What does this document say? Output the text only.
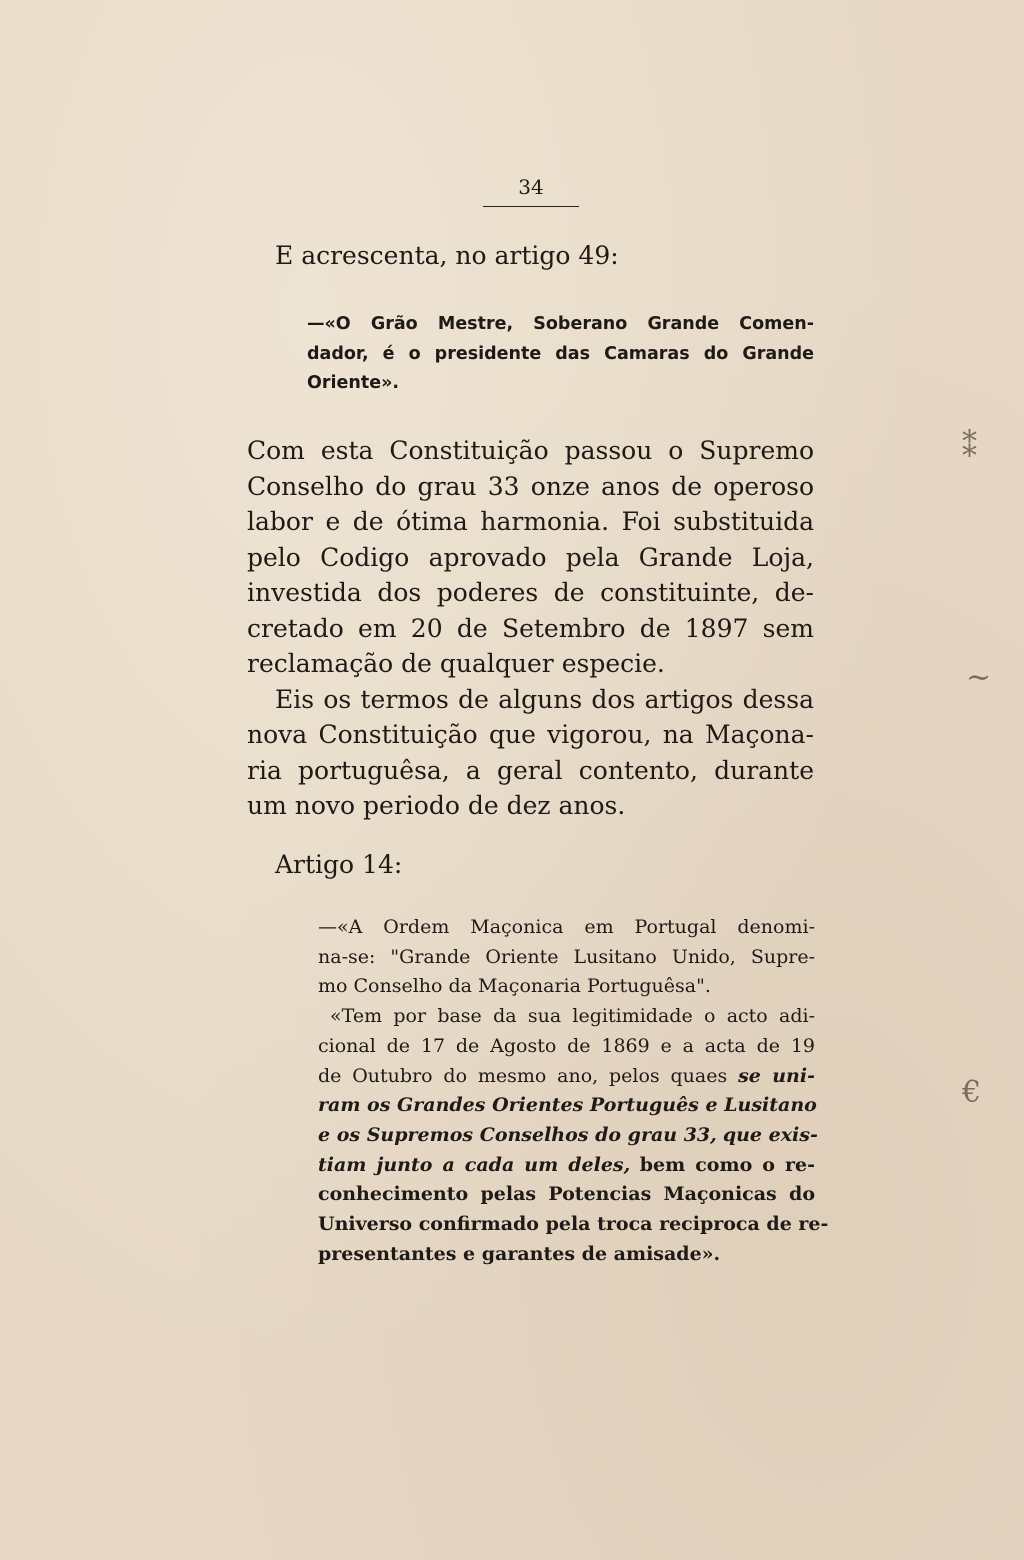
34
E acrescenta, no artigo 49:
—«O Grão Mestre, Soberano Grande Comen-
dador, é o presidente das Camaras do Grande
Oriente».
Com esta Constituição passou o Supremo
Conselho do grau 33 onze anos de operoso
labor e de ótima harmonia. Foi substituida
pelo Codigo aprovado pela Grande Loja,
investida dos poderes de constituinte, de-
cretado em 20 de Setembro de 1897 sem
reclamação de qualquer especie.
Eis os termos de alguns dos artigos dessa
nova Constituição que vigorou, na Maçona-
ria portuguêsa, a geral contento, durante
um novo periodo de dez anos.
Artigo 14:
—«A Ordem Maçonica em Portugal denomi-
na-se: "Grande Oriente Lusitano Unido, Supre-
mo Conselho da Maçonaria Portuguêsa".
«Tem por base da sua legitimidade o acto adi-
cional de 17 de Agosto de 1869 e a acta de 19
de Outubro do mesmo ano, pelos quaes se uni-
ram os Grandes Orientes Português e Lusitano
e os Supremos Conselhos do grau 33, que exis-
tiam junto a cada um deles, bem como o re-
conhecimento pelas Potencias Maçonicas do
Universo confirmado pela troca reciproca de re-
presentantes e garantes de amisade».
⁑
∼
€
